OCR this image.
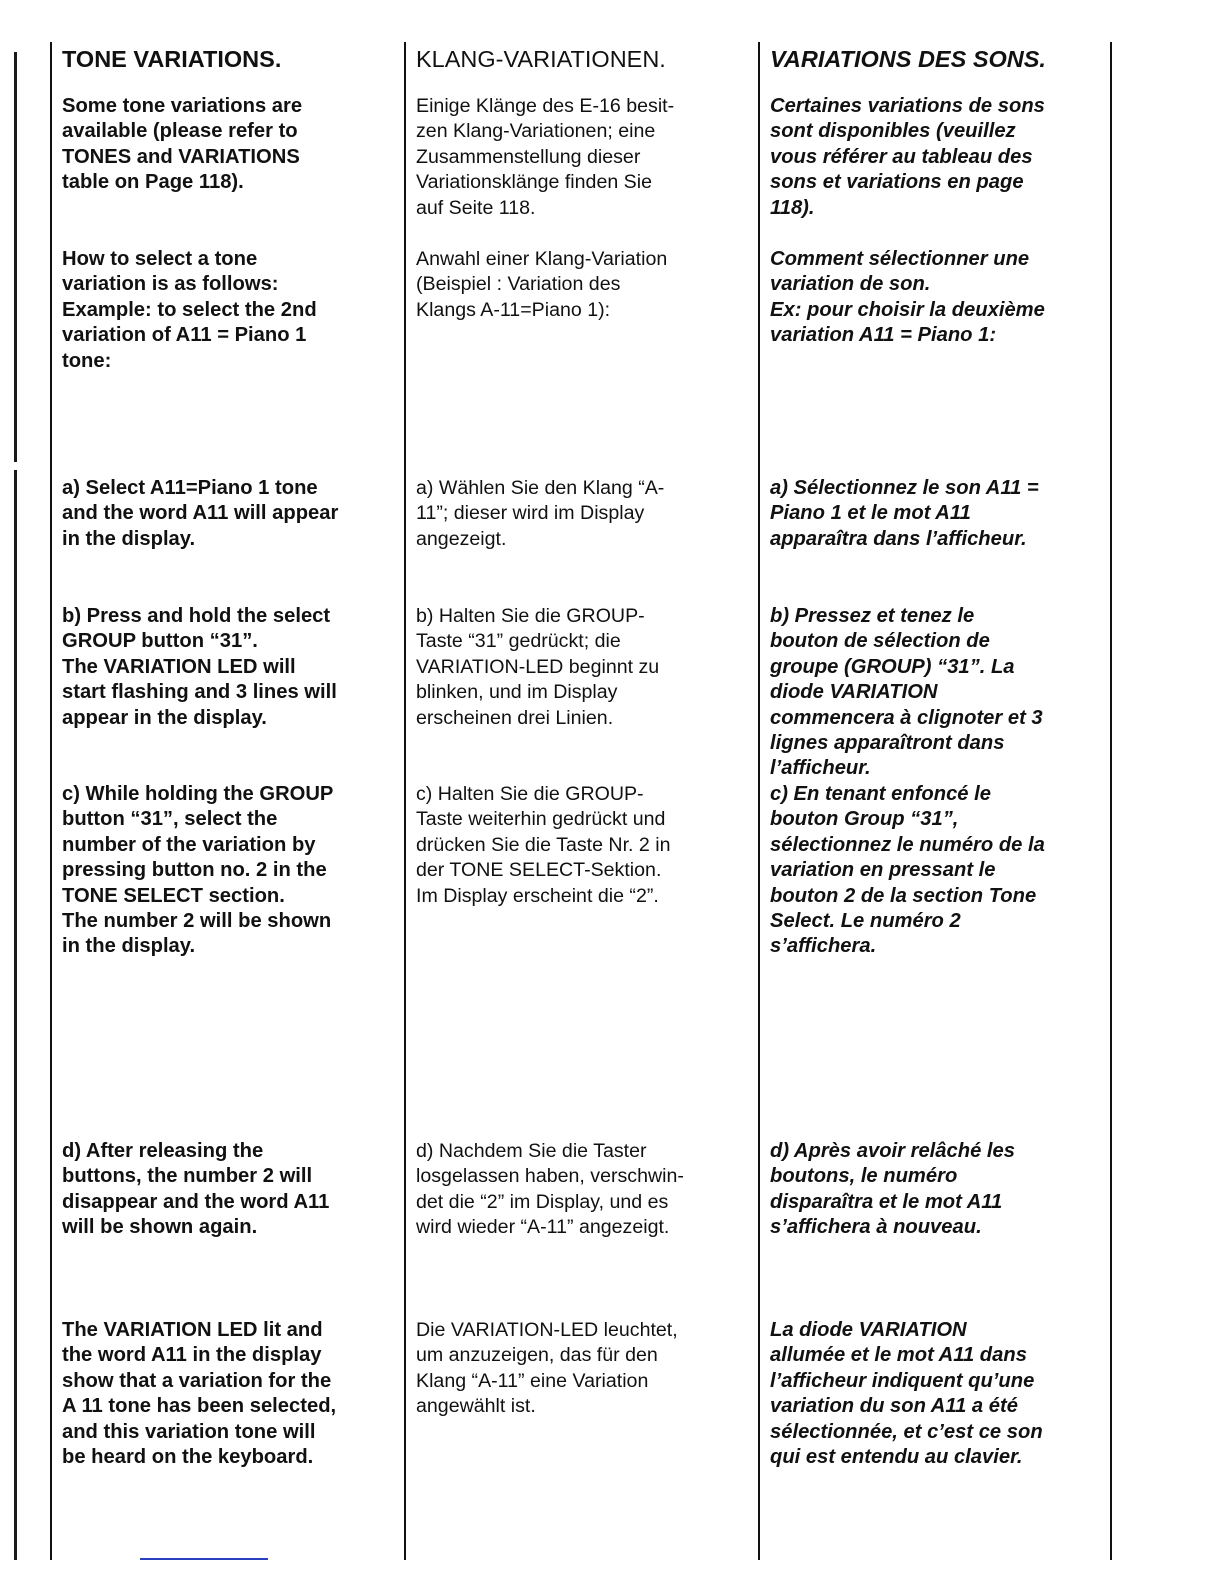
TONE VARIATIONS.

Some tone variations are
available (please refer to
TONES and VARIATIONS
table on Page 118).

How to select a tone
variation is as follows:
Example: to select the 2nd
variation of A11 = Piano 1
tone:

a) Select A11=Piano 1 tone
and the word A11 will appear
in the display.

b) Press and hold the select
GROUP button “31”.
The VARIATION LED will
start flashing and 3 lines will
appear in the display.

c) While holding the GROUP
button “31”, select the
number of the variation by
pressing button no. 2 in the
TONE SELECT section.
The number 2 will be shown
in the display.

d) After releasing the
buttons, the number 2 will
disappear and the word A11
will be shown again.

The VARIATION LED lit and
the word A11 in the display
show that a variation for the
A 11 tone has been selected,
and this variation tone will
be heard on the keyboard.

KLANG-VARIATIONEN.

Einige Klänge des E-16 besit-
zen Klang-Variationen; eine
Zusammenstellung dieser
Variationsklänge finden Sie
auf Seite 118.

Anwahl einer Klang-Variation
(Beispiel : Variation des
Klangs A-11=Piano 1):

a) Wählen Sie den Klang “A-
11”; dieser wird im Display
angezeigt.

b) Halten Sie die GROUP-
Taste “31” gedrückt; die
VARIATION-LED beginnt zu
blinken, und im Display
erscheinen drei Linien.

c) Halten Sie die GROUP-
Taste weiterhin gedrückt und
drücken Sie die Taste Nr. 2 in
der TONE SELECT-Sektion.
Im Display erscheint die “2”.

d) Nachdem Sie die Taster
losgelassen haben, verschwin-
det die “2” im Display, und es
wird wieder “A-11” angezeigt.

Die VARIATION-LED leuchtet,
um anzuzeigen, das für den
Klang “A-11” eine Variation
angewählt ist.

VARIATIONS DES SONS.

Certaines variations de sons
sont disponibles (veuillez
vous référer au tableau des
sons et variations en page
118).

Comment sélectionner une
variation de son.
Ex: pour choisir la deuxième
variation A11 = Piano 1:

a) Sélectionnez le son A11 =
Piano 1 et le mot A11
apparaîtra dans l’afficheur.

b) Pressez et tenez le
bouton de sélection de
groupe (GROUP) “31”. La
diode VARIATION
commencera à clignoter et 3
lignes apparaîtront dans
l’afficheur.

c) En tenant enfoncé le
bouton Group “31”,
sélectionnez le numéro de la
variation en pressant le
bouton 2 de la section Tone
Select. Le numéro 2
s’affichera.

d) Après avoir relâché les
boutons, le numéro
disparaîtra et le mot A11
s’affichera à nouveau.

La diode VARIATION
allumée et le mot A11 dans
l’afficheur indiquent qu’une
variation du son A11 a été
sélectionnée, et c’est ce son
qui est entendu au clavier.
